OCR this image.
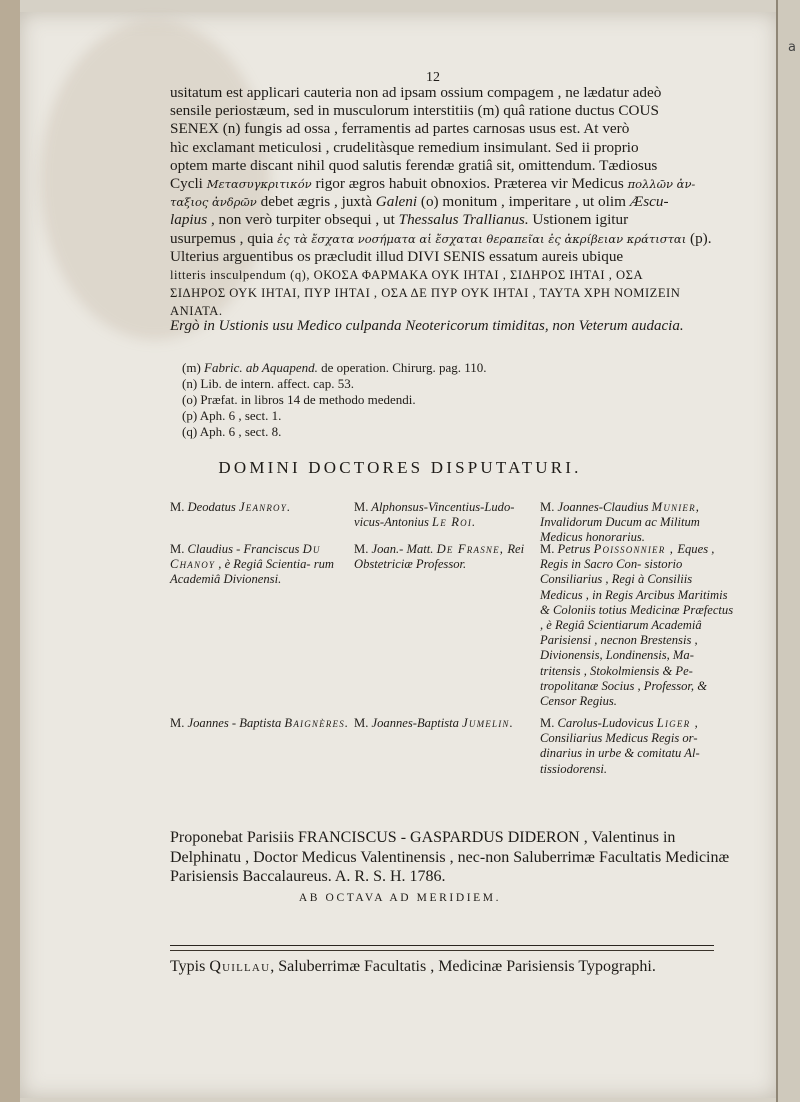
a
12

usitatum est applicari cauteria non ad ipsam ossium compagem , ne lædatur adeò

sensile periostæum, sed in musculorum interstitiis (m) quâ ratione ductus COUS

SENEX (n) fungis ad ossa , ferramentis ad partes carnosas usus est. At verò

hìc exclamant meticulosi , crudelitàsque remedium insimulant. Sed ii proprio

optem marte discant nihil quod salutis ferendæ gratiâ sit, omittendum. Tædiosus

Cycli Μετασυγκριτικόν rigor ægros habuit obnoxios. Præterea vir Medicus πολλῶν ἀν-

ταξιος ἀνδρῶν debet ægris , juxtà Galeni (o) monitum , imperitare , ut olim Æscu-

lapius , non verò turpiter obsequi , ut Thessalus Trallianus. Ustionem igitur

usurpemus , quia ἐς τὰ ἔσχατα νοσήματα αἱ ἔσχαται θεραπεῖαι ἐς ἀκρίβειαν κράτισται (p).

Ulterius arguentibus os præcludit illud DIVI SENIS essatum aureis ubique

litteris insculpendum (q), ΟΚΟΣΑ ΦΑΡΜΑΚΑ ΟΥΚ ΙΗΤΑΙ , ΣΙΔΗΡΟΣ ΙΗΤΑΙ , ΟΣΑ

ΣΙΔΗΡΟΣ ΟΥΚ ΙΗΤΑΙ, ΠΥΡ ΙΗΤΑΙ , ΟΣΑ ΔΕ ΠΥΡ ΟΥΚ ΙΗΤΑΙ , ΤΑΥΤΑ ΧΡΗ ΝΟΜΙΖΕΙΝ

ΑΝΙΑΤΑ.

Ergò in Ustionis usu Medico culpanda Neotericorum timiditas, non Veterum audacia.
(m) Fabric. ab Aquapend. de operation. Chirurg. pag. 110.
(n) Lib. de intern. affect. cap. 53.
(o) Præfat. in libros 14 de methodo medendi.
(p) Aph. 6 , sect. 1.
(q) Aph. 6 , sect. 8.
DOMINI DOCTORES DISPUTATURI.
M. Deodatus Jeanroy.	M. Alphonsus-Vincentius-Ludo- vicus-Antonius Le Roi.
M. Joannes-Claudius Munier, Invalidorum Ducum ac Militum Medicus honorarius.
M. Claudius - Franciscus Du Chanoy , è Regiâ Scientia- rum Academiâ Divionensi.
M. Joan.- Matt. De Frasne, Rei Obstetriciæ Professor.
M. Petrus Poissonnier , Eques , Regis in Sacro Con- sistorio Consiliarius , Regi à Consiliis Medicus , in Regis Arcibus Maritimis & Coloniis totius Medicinæ Præfectus , è Regiâ Scientiarum Academiâ Parisiensi , necnon Brestensis , Divionensis, Londinensis, Ma- tritensis , Stokolmiensis & Pe- tropolitanæ Socius , Professor, & Censor Regius.
M. Joannes - Baptista Baignères. M. Joannes-Baptista Jumelin.	M. Carolus-Ludovicus Liger , Consiliarius Medicus Regis or- dinarius in urbe & comitatu Al- tissiodorensi.
Proponebat Parisiis FRANCISCUS - GASPARDUS DIDERON , Valentinus in Delphinatu , Doctor Medicus Valentinensis , nec-non Saluberrimæ Facultatis Medicinæ Parisiensis Baccalaureus. A. R. S. H. 1786.
AB OCTAVA AD MERIDIEM.
Typis Quillau, Saluberrimæ Facultatis , Medicinæ Parisiensis Typographi.
